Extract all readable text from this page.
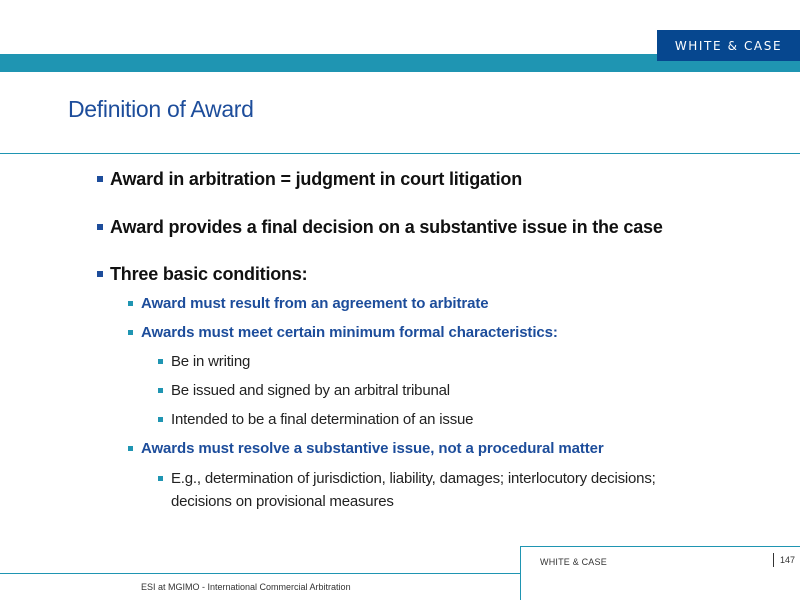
WHITE & CASE
Definition of Award
Award in arbitration = judgment in court litigation
Award provides a final decision on a substantive issue in the case
Three basic conditions:
Award must result from an agreement to arbitrate
Awards must meet certain minimum formal characteristics:
Be in writing
Be issued and signed by an arbitral tribunal
Intended to be a final determination of an issue
Awards must resolve a substantive issue, not a procedural matter
E.g., determination of jurisdiction, liability, damages; interlocutory decisions;
decisions on provisional measures
WHITE & CASE	147
ESI at MGIMO - International Commercial Arbitration
